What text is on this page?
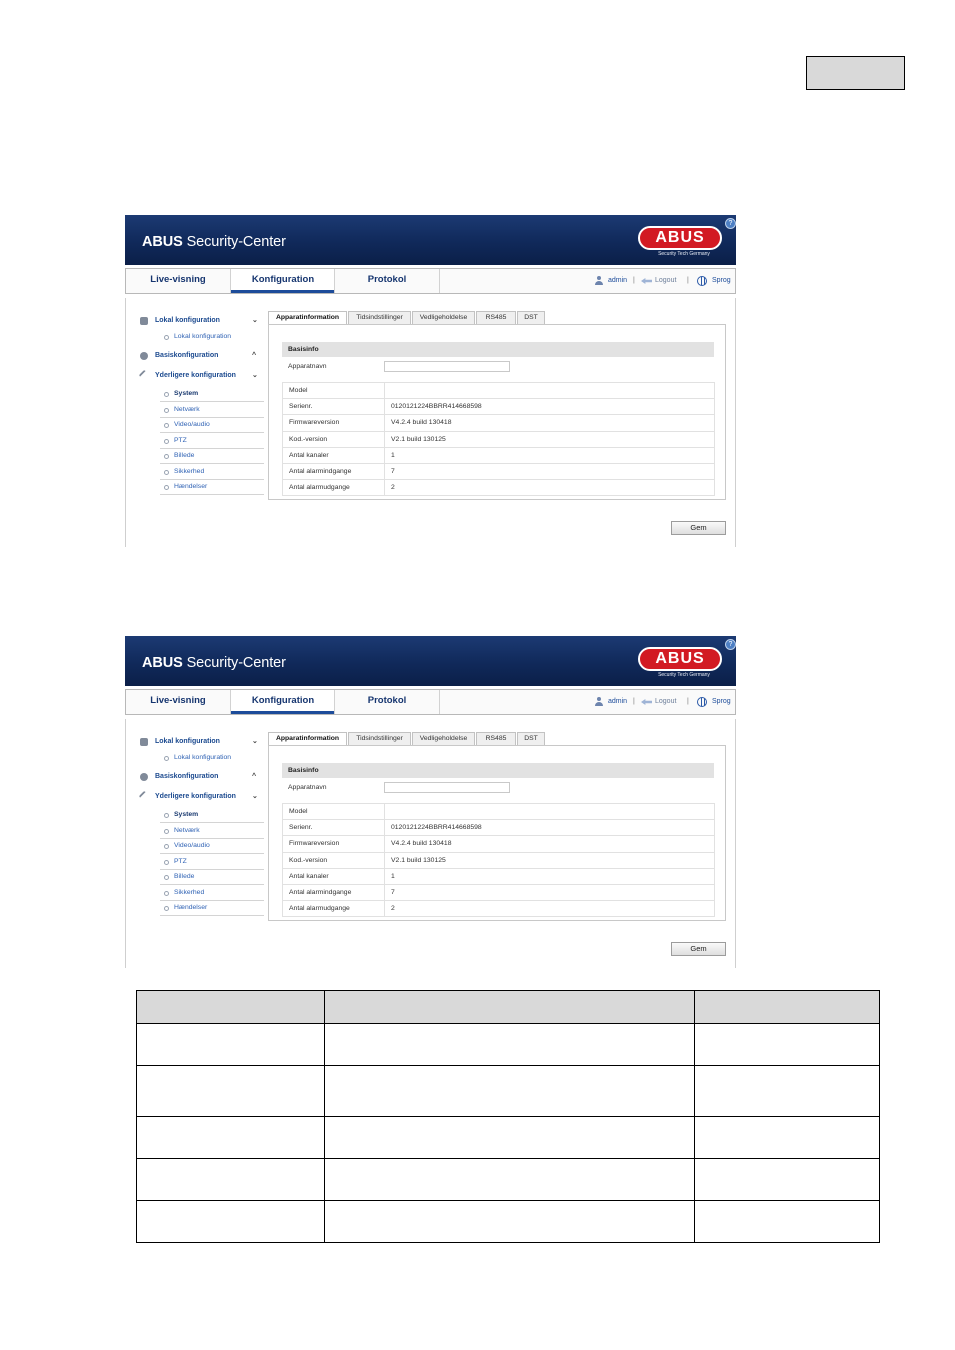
ABUS Security-Center	ABUS
Security Tech Germany
?
Live-visning	Konfiguration	Protokol	admin |	Logout |	Sprog
Lokal konfiguration	⌄
Lokal konfiguration
Basiskonfiguration	^
Yderligere konfiguration ⌄
System
Netværk
Video/audio
PTZ
Billede
Sikkerhed
Hændelser
Apparatinformation	Tidsindstillinger	Vedligeholdelse	RS485	DST
Basisinfo
Apparatnavn
Model	
Serienr.	0120121224BBRR414668598
Firmwareversion	V4.2.4 build 130418
Kod.-version	V2.1 build 130125
Antal kanaler	1
Antal alarmindgange	7
Antal alarmudgange	2
Gem
ABUS Security-Center	ABUS
Security Tech Germany
?
Live-visning	Konfiguration	Protokol	admin |	Logout |	Sprog
Lokal konfiguration	⌄
Lokal konfiguration
Basiskonfiguration	^
Yderligere konfiguration ⌄
System
Netværk
Video/audio
PTZ
Billede
Sikkerhed
Hændelser
Apparatinformation	Tidsindstillinger	Vedligeholdelse	RS485	DST
Basisinfo
Apparatnavn
Model	
Serienr.	0120121224BBRR414668598
Firmwareversion	V4.2.4 build 130418
Kod.-version	V2.1 build 130125
Antal kanaler	1
Antal alarmindgange	7
Antal alarmudgange	2
Gem
